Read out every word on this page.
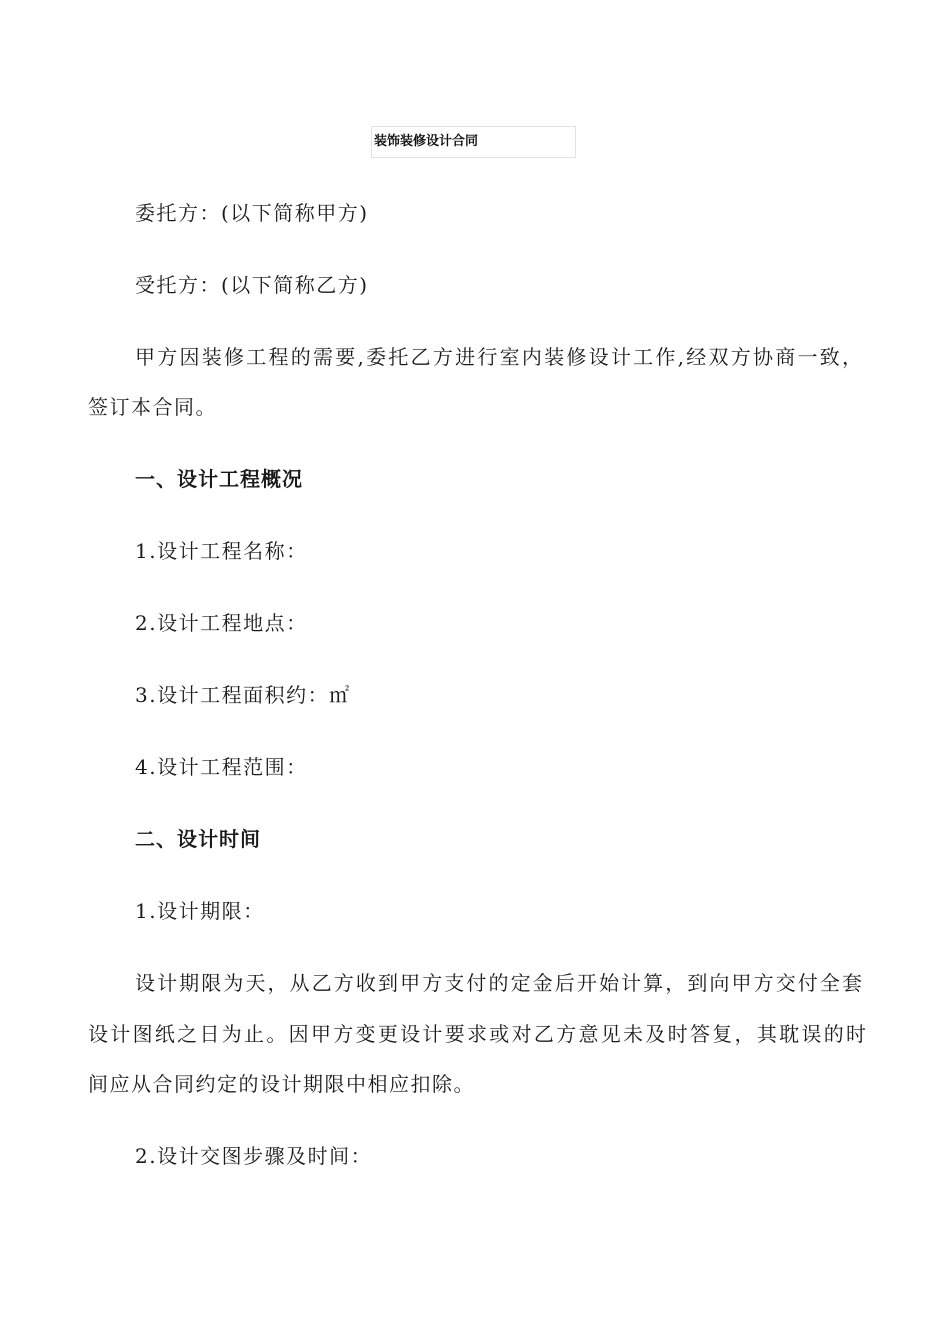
装饰装修设计合同
委托方：(以下简称甲方)
受托方：(以下简称乙方)
甲方因装修工程的需要,委托乙方进行室内装修设计工作,经双方协商一致，
签订本合同。
一、设计工程概况
1.设计工程名称：
2.设计工程地点：
3.设计工程面积约：㎡
4.设计工程范围：
二、设计时间
1.设计期限：
设计期限为天，从乙方收到甲方支付的定金后开始计算，到向甲方交付全套
设计图纸之日为止。因甲方变更设计要求或对乙方意见未及时答复，其耽误的时
间应从合同约定的设计期限中相应扣除。
2.设计交图步骤及时间：
